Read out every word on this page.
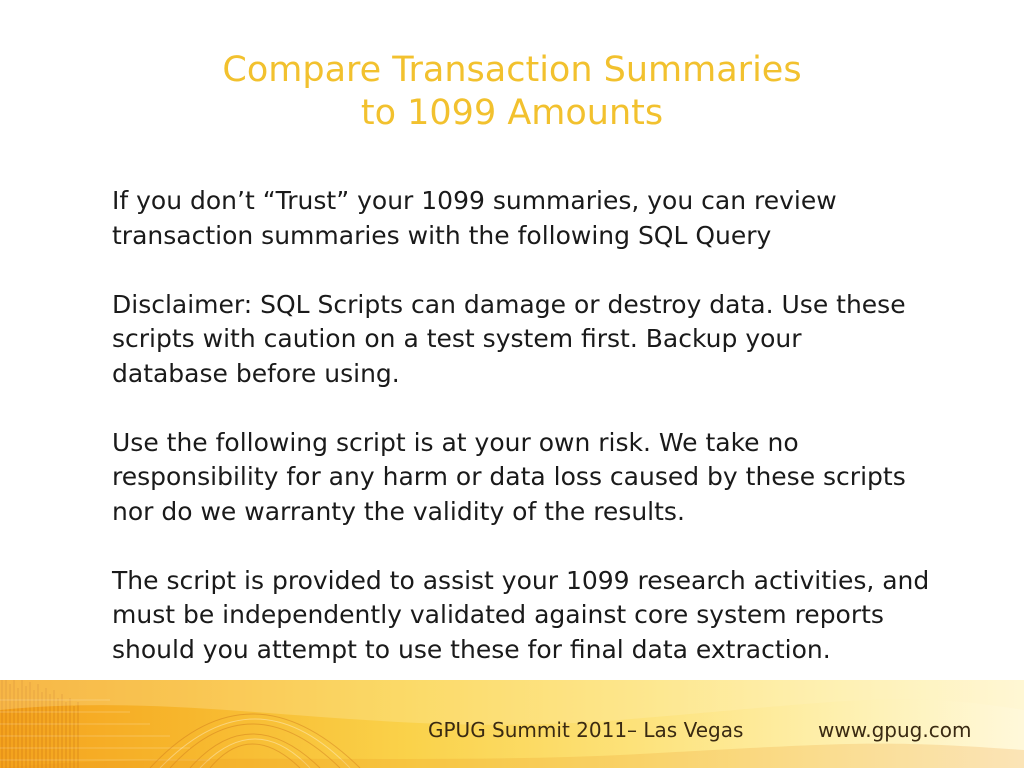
Compare Transaction Summaries
to 1099 Amounts

If you don’t “Trust” your 1099 summaries, you can review
transaction summaries with the following SQL Query

Disclaimer: SQL Scripts can damage or destroy data. Use these
scripts with caution on a test system first. Backup your
database before using.

Use the following script is at your own risk. We take no
responsibility for any harm or data loss caused by these scripts
nor do we warranty the validity of the results.

The script is provided to assist your 1099 research activities, and
must be independently validated against core system reports
should you attempt to use these for final data extraction.

GPUG Summit 2011– Las Vegas	www.gpug.com
